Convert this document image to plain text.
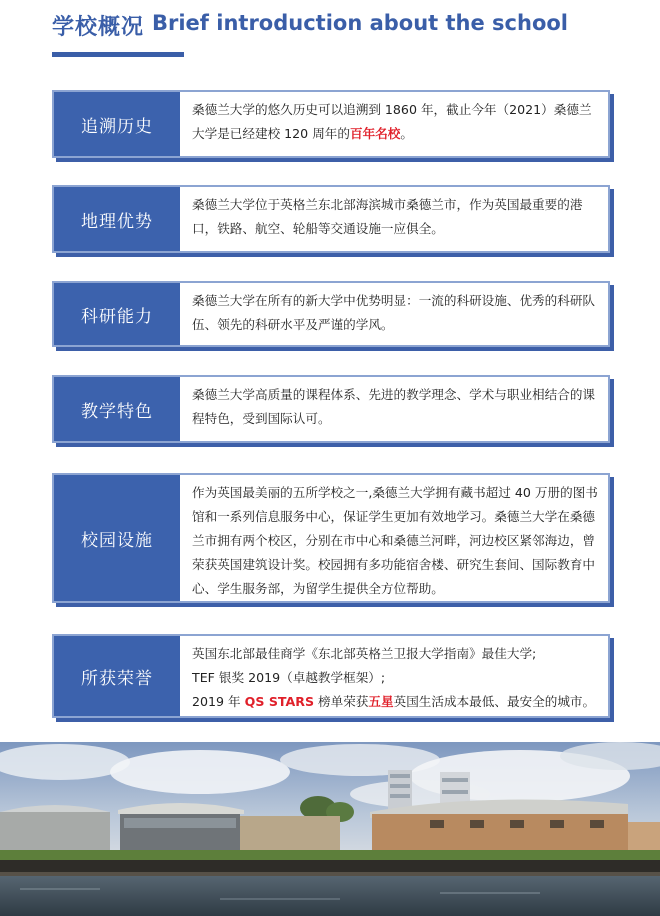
学校概况 Brief introduction about the school
追溯历史
桑德兰大学的悠久历史可以追溯到 1860 年，截止今年（2021）桑德兰大学是已经建校 120 周年的百年名校。
地理优势
桑德兰大学位于英格兰东北部海滨城市桑德兰市，作为英国最重要的港口，铁路、航空、轮船等交通设施一应俱全。
科研能力
桑德兰大学在所有的新大学中优势明显：一流的科研设施、优秀的科研队伍、领先的科研水平及严谨的学风。
教学特色
桑德兰大学高质量的课程体系、先进的教学理念、学术与职业相结合的课程特色，受到国际认可。
校园设施
作为英国最美丽的五所学校之一,桑德兰大学拥有藏书超过 40 万册的图书馆和一系列信息服务中心，保证学生更加有效地学习。桑德兰大学在桑德兰市拥有两个校区，分别在市中心和桑德兰河畔，河边校区紧邻海边，曾荣获英国建筑设计奖。校园拥有多功能宿舍楼、研究生套间、国际教育中心、学生服务部，为留学生提供全方位帮助。
所获荣誉
英国东北部最佳商学《东北部英格兰卫报大学指南》最佳大学;
TEF 银奖 2019（卓越教学框架）;
2019 年 QS STARS 榜单荣获五星英国生活成本最低、最安全的城市。
